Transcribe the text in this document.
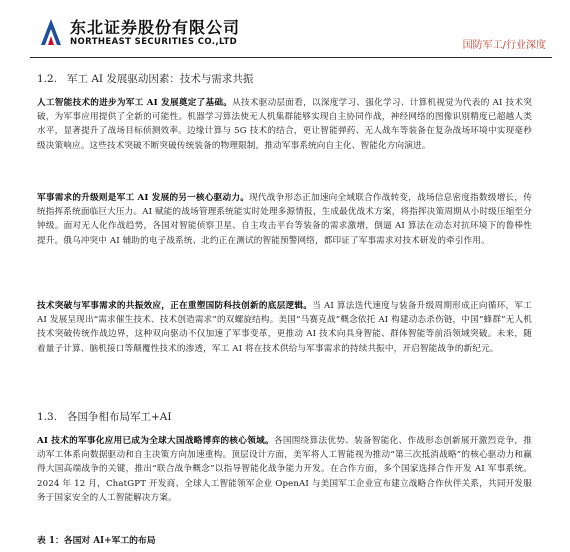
东北证券股份有限公司
NORTHEAST SECURITIES CO.,LTD	国防军工/行业深度
1.2. 军工 AI 发展驱动因素：技术与需求共振
人工智能技术的进步为军工 AI 发展奠定了基础。从技术驱动层面看，以深度学习、强化学习、计算机视觉为代表的 AI 技术突破，为军事应用提供了全新的可能性。机器学习算法使无人机集群能够实现自主协同作战，神经网络的图像识别精度已超越人类水平，显著提升了战场目标侦测效率。边缘计算与 5G 技术的结合，更让智能弹药、无人战车等装备在复杂战场环境中实现毫秒级决策响应。这些技术突破不断突破传统装备的物理限制，推动军事系统向自主化、智能化方向演进。
军事需求的升级则是军工 AI 发展的另一核心驱动力。现代战争形态正加速向全域联合作战转变，战场信息密度指数级增长，传统指挥系统面临巨大压力。AI 赋能的战场管理系统能实时处理多源情报，生成最优战术方案，将指挥决策周期从小时级压缩至分钟级。面对无人化作战趋势，各国对智能侦察卫星、自主攻击平台等装备的需求激增，倒逼 AI 算法在动态对抗环境下的鲁棒性提升。俄乌冲突中 AI 辅助的电子战系统、北约正在测试的智能预警网络，都印证了军事需求对技术研发的牵引作用。
技术突破与军事需求的共振效应，正在重塑国防科技创新的底层逻辑。当 AI 算法迭代速度与装备升级周期形成正向循环，军工 AI 发展呈现出“需求催生技术、技术创造需求”的双螺旋结构。美国“马赛克战”概念依托 AI 构建动态杀伤链，中国“蜂群”无人机技术突破传统作战边界，这种双向驱动不仅加速了军事变革，更推动 AI 技术向具身智能、群体智能等前沿领域突破。未来，随着量子计算、脑机接口等颠覆性技术的渗透，军工 AI 将在技术供给与军事需求的持续共振中，开启智能战争的新纪元。
1.3. 各国争相布局军工+AI
AI 技术的军事化应用已成为全球大国战略博弈的核心领域。各国围绕算法优势、装备智能化、作战形态创新展开激烈竞争，推动军工体系向数据驱动和自主决策方向加速重构。顶层设计方面，美军将人工智能视为推动“第三次抵消战略”的核心驱动力和赢得大国高端战争的关键，推出“联合战争概念”以指导智能化战争能力开发。在合作方面，多个国家选择合作开发 AI 军事系统。2024 年 12 月，ChatGPT 开发商、全球人工智能领军企业 OpenAI 与美国军工企业宣布建立战略合作伙伴关系，共同开发服务于国家安全的人工智能解决方案。
表 1：各国对 AI+军工的布局
